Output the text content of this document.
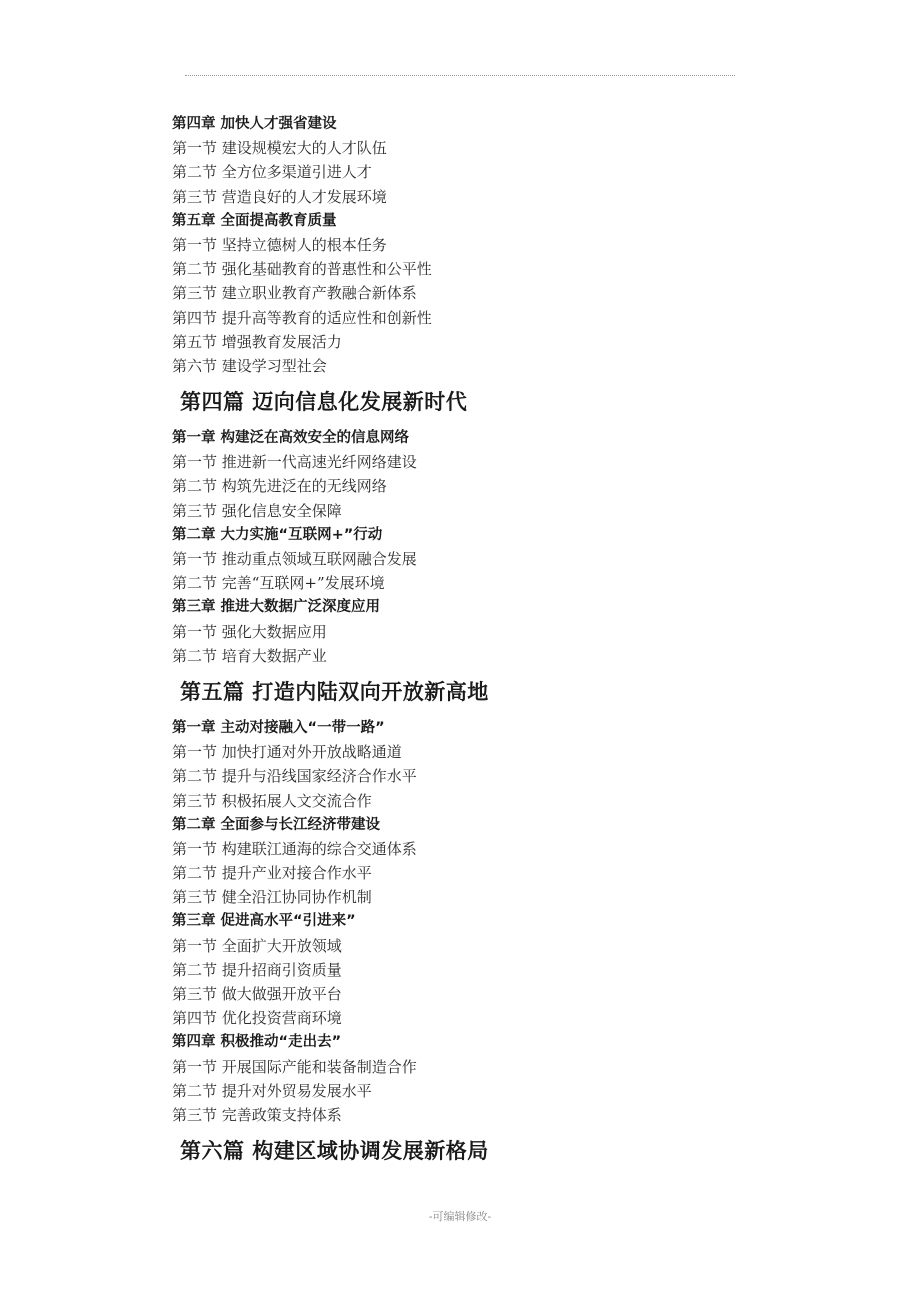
第四章 加快人才强省建设
第一节 建设规模宏大的人才队伍
第二节 全方位多渠道引进人才
第三节 营造良好的人才发展环境
第五章 全面提高教育质量
第一节 坚持立德树人的根本任务
第二节 强化基础教育的普惠性和公平性
第三节 建立职业教育产教融合新体系
第四节 提升高等教育的适应性和创新性
第五节 增强教育发展活力
第六节 建设学习型社会
第四篇 迈向信息化发展新时代
第一章 构建泛在高效安全的信息网络
第一节 推进新一代高速光纤网络建设
第二节 构筑先进泛在的无线网络
第三节 强化信息安全保障
第二章 大力实施“互联网+”行动
第一节 推动重点领域互联网融合发展
第二节 完善“互联网+”发展环境
第三章 推进大数据广泛深度应用
第一节 强化大数据应用
第二节 培育大数据产业
第五篇 打造内陆双向开放新高地
第一章 主动对接融入“一带一路”
第一节 加快打通对外开放战略通道
第二节 提升与沿线国家经济合作水平
第三节 积极拓展人文交流合作
第二章 全面参与长江经济带建设
第一节 构建联江通海的综合交通体系
第二节 提升产业对接合作水平
第三节 健全沿江协同协作机制
第三章 促进高水平“引进来”
第一节 全面扩大开放领域
第二节 提升招商引资质量
第三节 做大做强开放平台
第四节 优化投资营商环境
第四章 积极推动“走出去”
第一节 开展国际产能和装备制造合作
第二节 提升对外贸易发展水平
第三节 完善政策支持体系
第六篇 构建区域协调发展新格局
-可编辑修改-
